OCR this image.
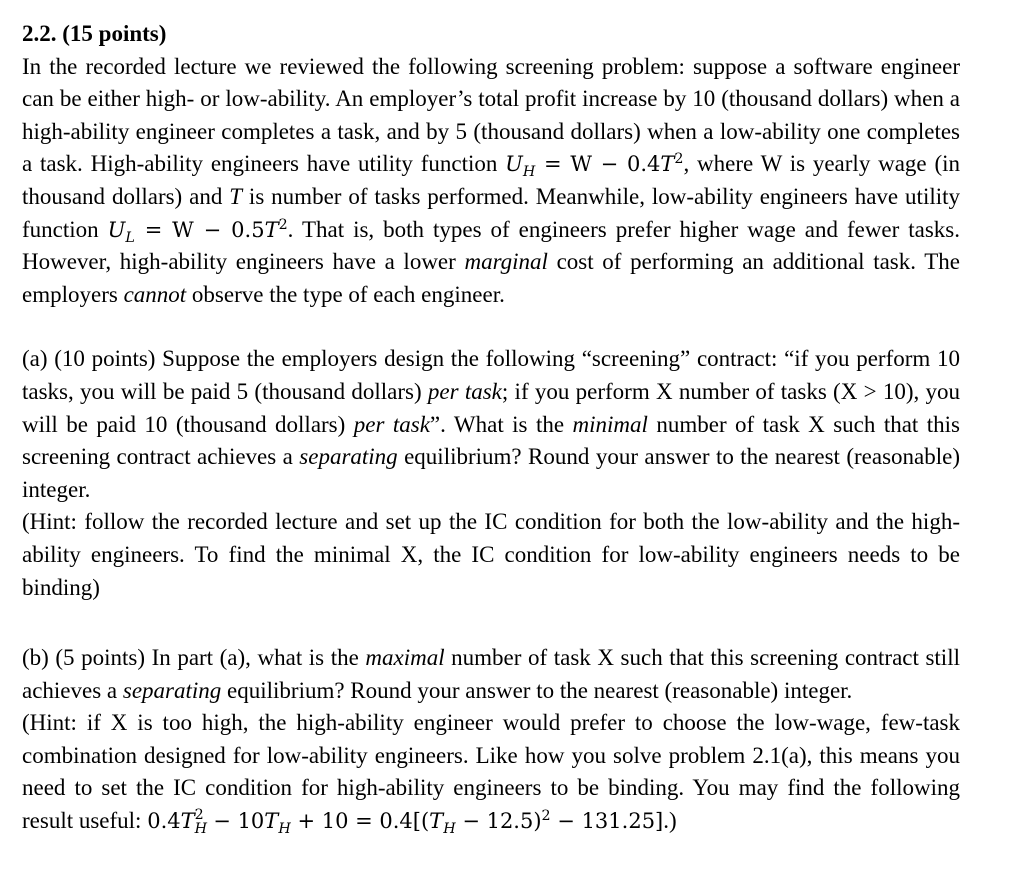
2.2. (15 points)

In the recorded lecture we reviewed the following screening problem: suppose a software engineer can be either high- or low-ability. An employer’s total profit increase by 10 (thousand dollars) when a high-ability engineer completes a task, and by 5 (thousand dollars) when a low-ability one completes a task. High-ability engineers have utility function $U_H = W - 0.4T^2$, where W is yearly wage (in thousand dollars) and T is number of tasks performed. Meanwhile, low-ability engineers have utility function $U_L = W - 0.5T^2$. That is, both types of engineers prefer higher wage and fewer tasks. However, high-ability engineers have a lower marginal cost of performing an additional task. The employers cannot observe the type of each engineer.

(a) (10 points) Suppose the employers design the following “screening” contract: “if you perform 10 tasks, you will be paid 5 (thousand dollars) per task; if you perform X number of tasks (X > 10), you will be paid 10 (thousand dollars) per task”. What is the minimal number of task X such that this screening contract achieves a separating equilibrium? Round your answer to the nearest (reasonable) integer.

(Hint: follow the recorded lecture and set up the IC condition for both the low-ability and the high-ability engineers. To find the minimal X, the IC condition for low-ability engineers needs to be binding)

(b) (5 points) In part (a), what is the maximal number of task X such that this screening contract still achieves a separating equilibrium? Round your answer to the nearest (reasonable) integer.

(Hint: if X is too high, the high-ability engineer would prefer to choose the low-wage, few-task combination designed for low-ability engineers. Like how you solve problem 2.1(a), this means you need to set the IC condition for high-ability engineers to be binding. You may find the following result useful: 0.4T 2
$H - 10T_H + 10 = 0.4[(T_H - 12.5)^2 - 131.25]$.)
